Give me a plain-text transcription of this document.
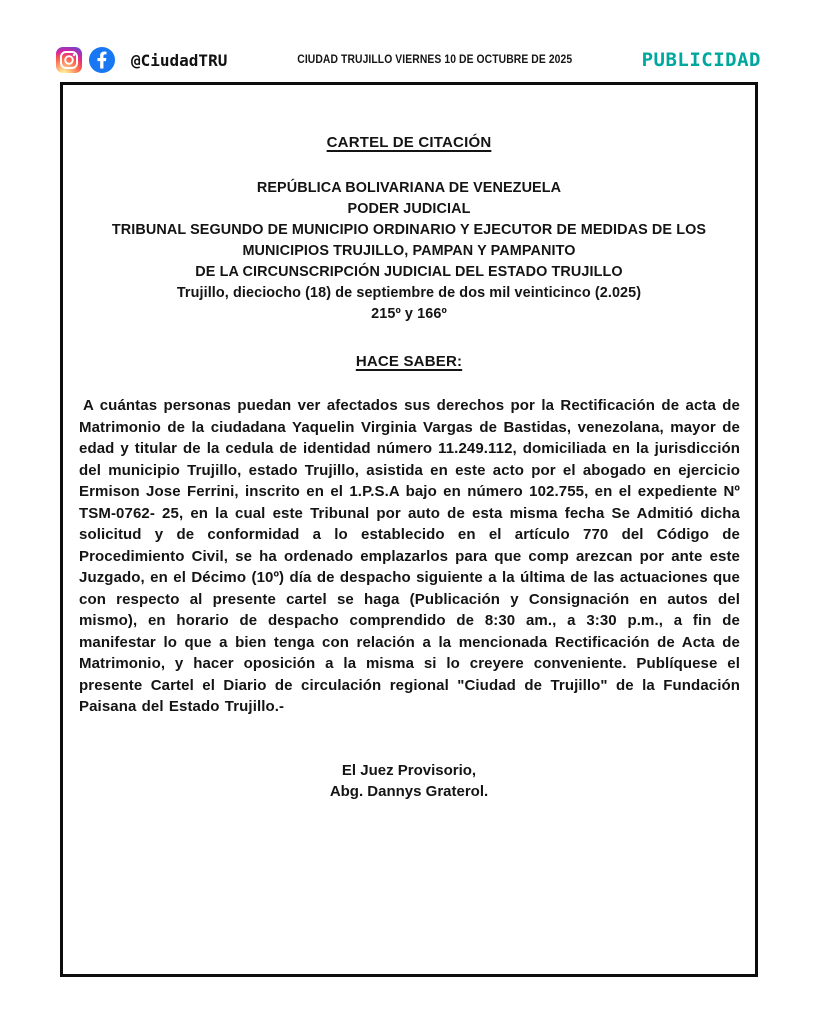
@CiudadTRU	CIUDAD TRUJILLO VIERNES 10 DE OCTUBRE DE 2025	PUBLICIDAD
CARTEL DE CITACIÓN
REPÚBLICA BOLIVARIANA DE VENEZUELA
PODER JUDICIAL
TRIBUNAL SEGUNDO DE MUNICIPIO ORDINARIO Y EJECUTOR DE MEDIDAS DE LOS
MUNICIPIOS TRUJILLO, PAMPAN Y PAMPANITO
DE LA CIRCUNSCRIPCIÓN JUDICIAL DEL ESTADO TRUJILLO
Trujillo, dieciocho (18) de septiembre de dos mil veinticinco (2.025)
215º y 166º
HACE SABER:
A cuántas personas puedan ver afectados sus derechos por la Rectificación de acta de Matrimonio de la ciudadana Yaquelin Virginia Vargas de Bastidas, venezolana, mayor de edad y titular de la cedula de identidad número 11.249.112, domiciliada en la jurisdicción del municipio Trujillo, estado Trujillo, asistida en este acto por el abogado en ejercicio Ermison Jose Ferrini, inscrito en el 1.P.S.A bajo en número 102.755, en el expediente Nº TSM-0762- 25, en la cual este Tribunal por auto de esta misma fecha Se Admitió dicha solicitud y de conformidad a lo establecido en el artículo 770 del Código de Procedimiento Civil, se ha ordenado emplazarlos para que comp arezcan por ante este Juzgado, en el Décimo (10º) día de despacho siguiente a la última de las actuaciones que con respecto al presente cartel se haga (Publicación y Consignación en autos del mismo), en horario de despacho comprendido de 8:30 am., a 3:30 p.m., a fin de manifestar lo que a bien tenga con relación a la mencionada Rectificación de Acta de Matrimonio, y hacer oposición a la misma si lo creyere conveniente. Publíquese el presente Cartel el Diario de circulación regional "Ciudad de Trujillo" de la Fundación Paisana del Estado Trujillo.-
El Juez Provisorio,
Abg. Dannys Graterol.
